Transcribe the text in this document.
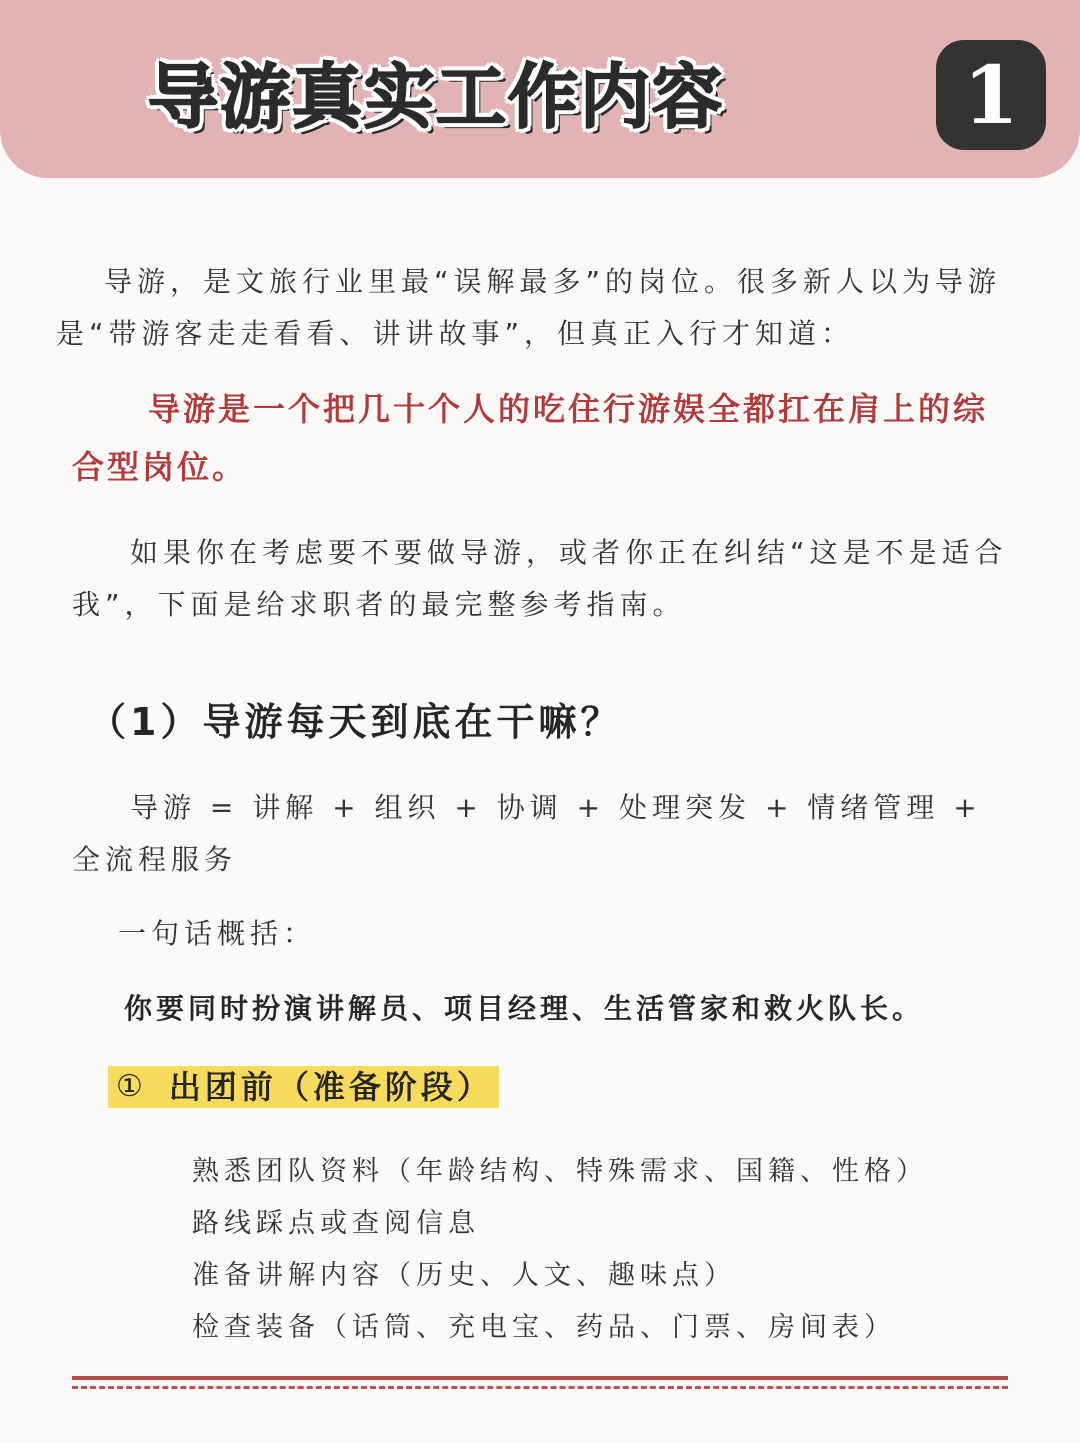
导游真实工作内容	1

导游，是文旅行业里最“误解最多”的岗位。很多新人以为导游是“带游客走走看看、讲讲故事”，但真正入行才知道：

导游是一个把几十个人的吃住行游娱全都扛在肩上的综合型岗位。

如果你在考虑要不要做导游，或者你正在纠结“这是不是适合我”，下面是给求职者的最完整参考指南。

（1）导游每天到底在干嘛？

导游 = 讲解 + 组织 + 协调 + 处理突发 + 情绪管理 + 全流程服务

一句话概括：

你要同时扮演讲解员、项目经理、生活管家和救火队长。

① 出团前（准备阶段）
熟悉团队资料（年龄结构、特殊需求、国籍、性格）
路线踩点或查阅信息
准备讲解内容（历史、人文、趣味点）
检查装备（话筒、充电宝、药品、门票、房间表）
